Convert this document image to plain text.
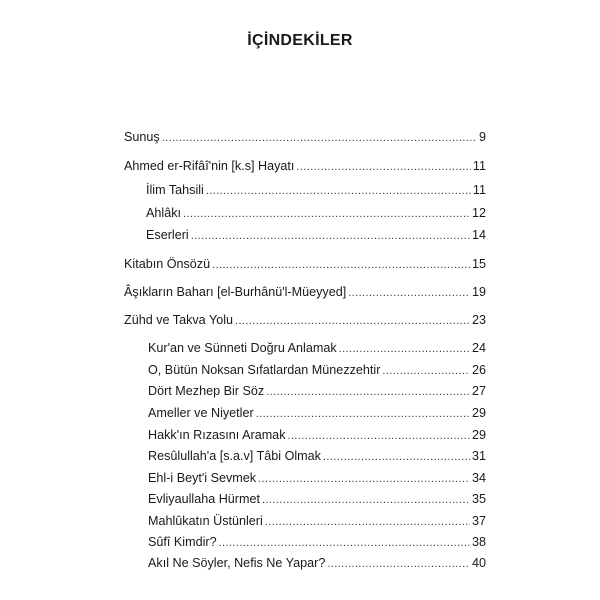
İÇİNDEKİLER
Sunuş .....	9
Ahmed er-Rifâî'nin [k.s] Hayatı .....	11
İlim Tahsili .....	11
Ahlâkı .....	12
Eserleri .....	14
Kitabın Önsözü .....	15
Âşıkların Baharı [el-Burhânü'l-Müeyyed] .....	19
Zühd ve Takva Yolu .....	23
Kur'an ve Sünneti Doğru Anlamak .....	24
O, Bütün Noksan Sıfatlardan Münezzehtir .....	26
Dört Mezhep Bir Söz .....	27
Ameller ve Niyetler .....	29
Hakk'ın Rızasını Aramak .....	29
Resûlullah'a [s.a.v] Tâbi Olmak .....	31
Ehl-i Beyt'i Sevmek .....	34
Evliyaullaha Hürmet .....	35
Mahlûkatın Üstünleri .....	37
Sûfî Kimdir? .....	38
Akıl Ne Söyler, Nefis Ne Yapar? .....	40
